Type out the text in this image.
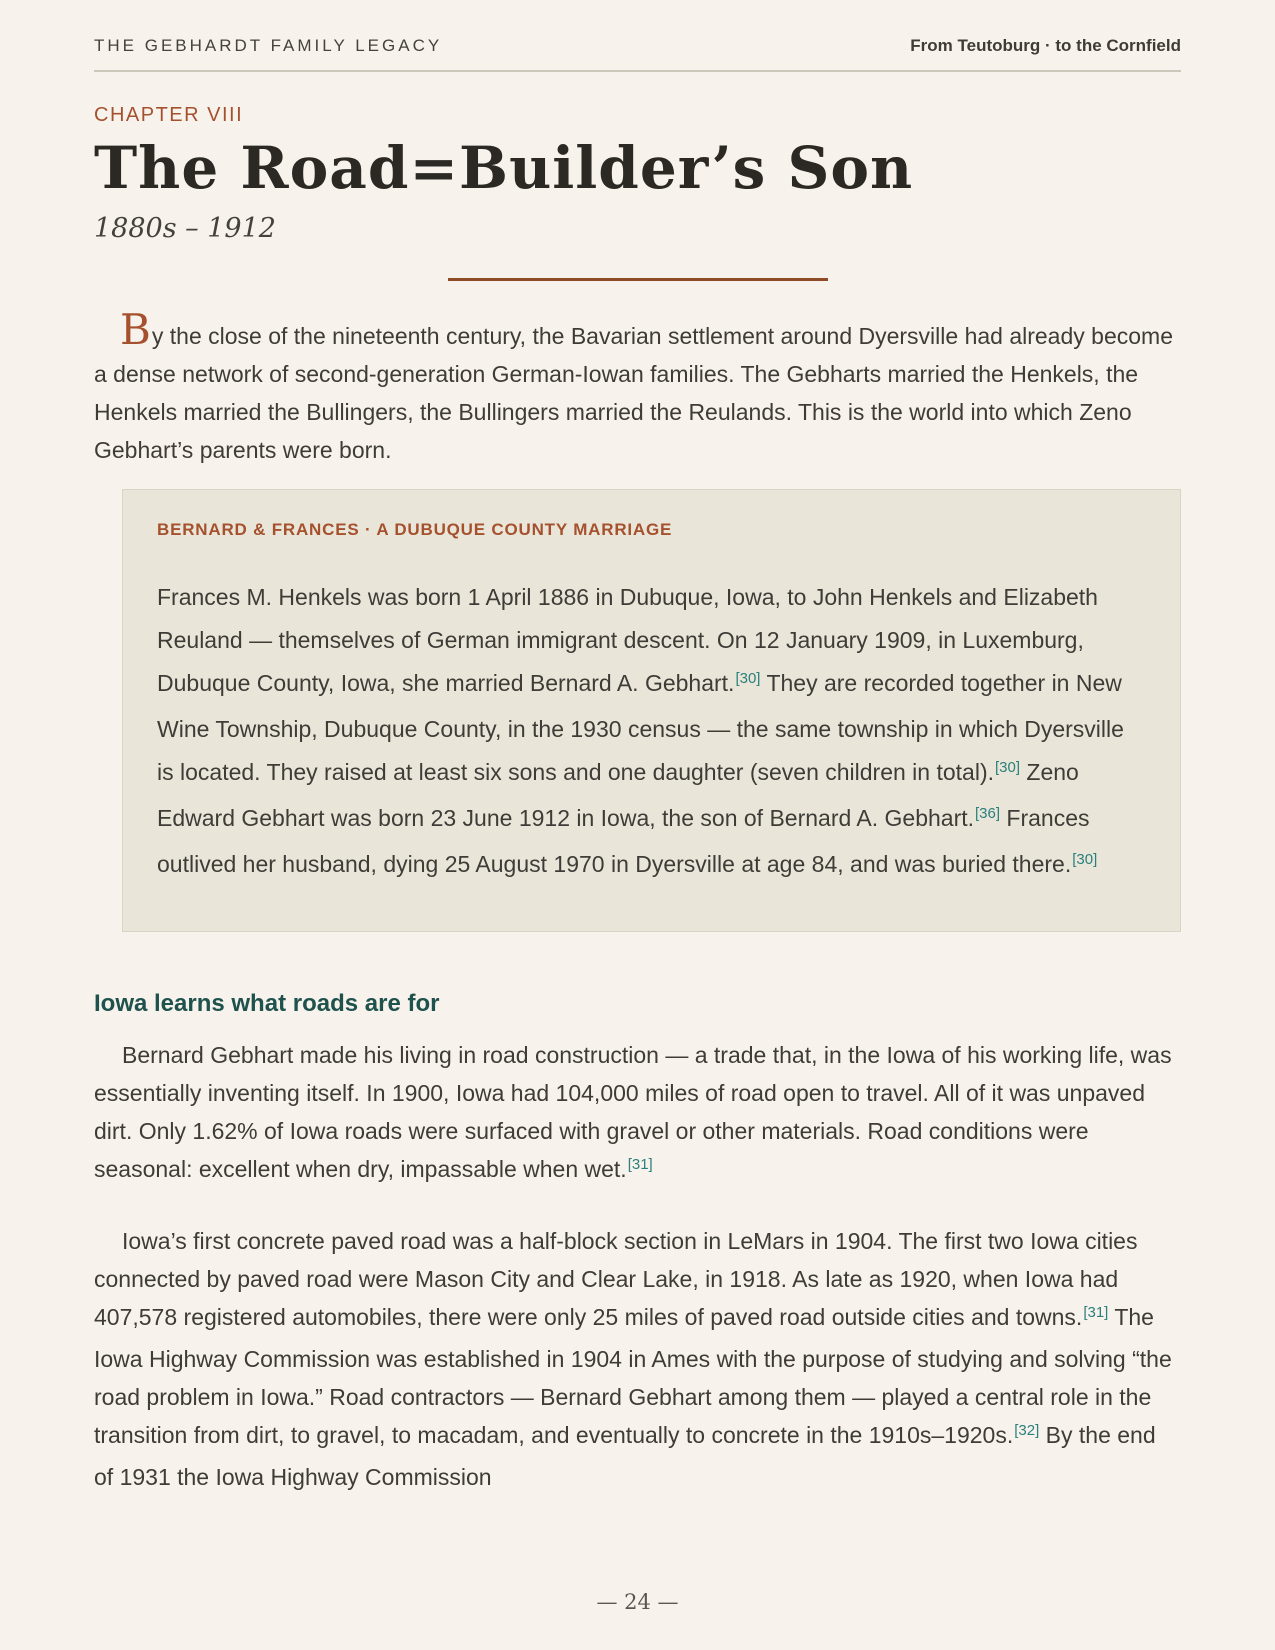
THE GEBHARDT FAMILY LEGACY	From Teutoburg · to the Cornfield
CHAPTER VIII
The Road=Builder’s Son
1880s – 1912

By the close of the nineteenth century, the Bavarian settlement around Dyersville had already become a dense network of second-generation German-Iowan families. The Gebharts married the Henkels, the Henkels married the Bullingers, the Bullingers married the Reulands. This is the world into which Zeno Gebhart’s parents were born.

BERNARD & FRANCES · A DUBUQUE COUNTY MARRIAGE

Frances M. Henkels was born 1 April 1886 in Dubuque, Iowa, to John Henkels and Elizabeth Reuland — themselves of German immigrant descent. On 12 January 1909, in Luxemburg, Dubuque County, Iowa, she married Bernard A. Gebhart.[30] They are recorded together in New Wine Township, Dubuque County, in the 1930 census — the same township in which Dyersville is located. They raised at least six sons and one daughter (seven children in total).[30] Zeno Edward Gebhart was born 23 June 1912 in Iowa, the son of Bernard A. Gebhart.[36] Frances outlived her husband, dying 25 August 1970 in Dyersville at age 84, and was buried there.[30]

Iowa learns what roads are for

Bernard Gebhart made his living in road construction — a trade that, in the Iowa of his working life, was essentially inventing itself. In 1900, Iowa had 104,000 miles of road open to travel. All of it was unpaved dirt. Only 1.62% of Iowa roads were surfaced with gravel or other materials. Road conditions were seasonal: excellent when dry, impassable when wet.[31]

Iowa’s first concrete paved road was a half-block section in LeMars in 1904. The first two Iowa cities connected by paved road were Mason City and Clear Lake, in 1918. As late as 1920, when Iowa had 407,578 registered automobiles, there were only 25 miles of paved road outside cities and towns.[31] The Iowa Highway Commission was established in 1904 in Ames with the purpose of studying and solving “the road problem in Iowa.” Road contractors — Bernard Gebhart among them — played a central role in the transition from dirt, to gravel, to macadam, and eventually to concrete in the 1910s–1920s.[32] By the end of 1931 the Iowa Highway Commission

— 24 —
